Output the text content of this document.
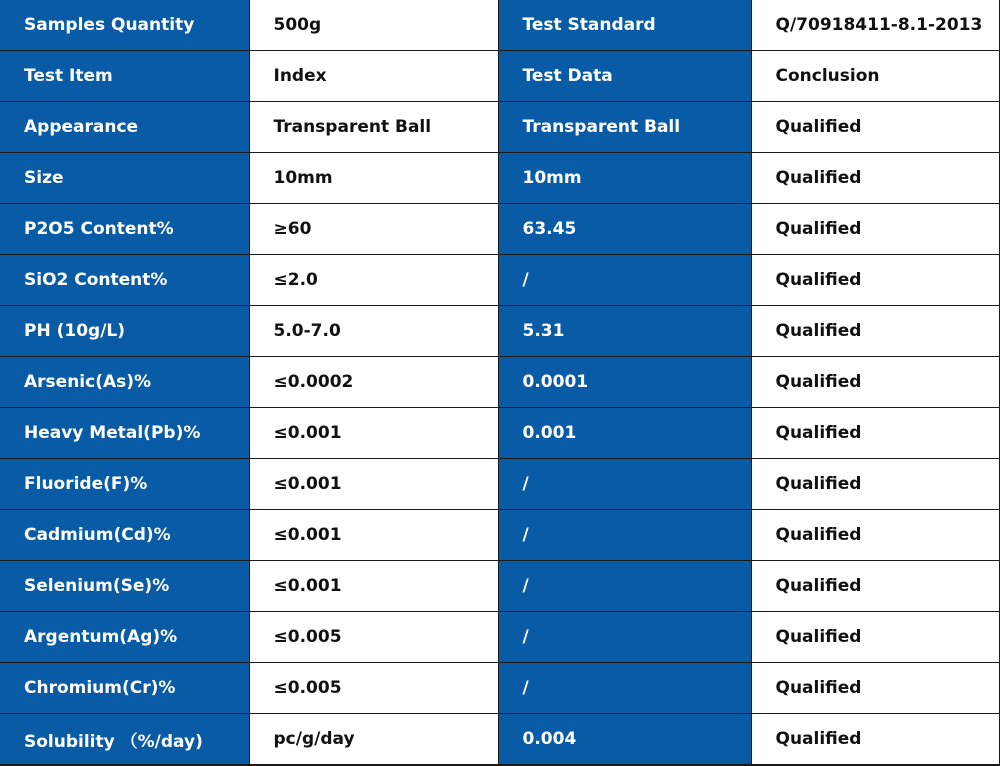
Samples Quantity	500g	Test Standard	Q/70918411-8.1-2013
Test Item	Index	Test Data	Conclusion
Appearance	Transparent Ball	Transparent Ball	Qualified
Size	10mm	10mm	Qualified
P2O5 Content%	≥60	63.45	Qualified
SiO2 Content%	≤2.0	/	Qualified
PH (10g/L)	5.0-7.0	5.31	Qualified
Arsenic(As)%	≤0.0002	0.0001	Qualified
Heavy Metal(Pb)%	≤0.001	0.001	Qualified
Fluoride(F)%	≤0.001	/	Qualified
Cadmium(Cd)%	≤0.001	/	Qualified
Selenium(Se)%	≤0.001	/	Qualified
Argentum(Ag)%	≤0.005	/	Qualified
Chromium(Cr)%	≤0.005	/	Qualified
Solubility （%/day)	pc/g/day	0.004	Qualified
